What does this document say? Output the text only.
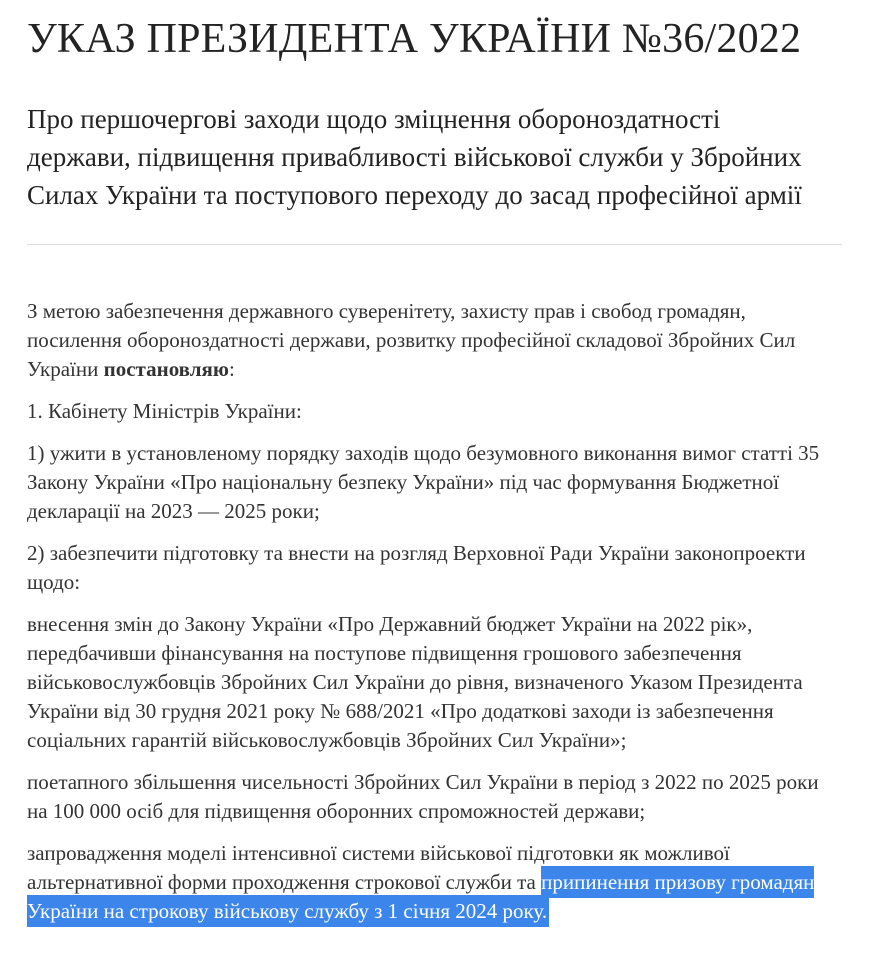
УКАЗ ПРЕЗИДЕНТА УКРАЇНИ №36/2022
Про першочергові заходи щодо зміцнення обороноздатності держави, підвищення привабливості військової служби у Збройних Силах України та поступового переходу до засад професійної армії

З метою забезпечення державного суверенітету, захисту прав і свобод громадян, посилення обороноздатності держави, розвитку професійної складової Збройних Сил України постановляю:

1. Кабінету Міністрів України:

1) ужити в установленому порядку заходів щодо безумовного виконання вимог статті 35 Закону України «Про національну безпеку України» під час формування Бюджетної декларації на 2023 — 2025 роки;

2) забезпечити підготовку та внести на розгляд Верховної Ради України законопроекти щодо:

внесення змін до Закону України «Про Державний бюджет України на 2022 рік», передбачивши фінансування на поступове підвищення грошового забезпечення військовослужбовців Збройних Сил України до рівня, визначеного Указом Президента України від 30 грудня 2021 року № 688/2021 «Про додаткові заходи із забезпечення соціальних гарантій військовослужбовців Збройних Сил України»;

поетапного збільшення чисельності Збройних Сил України в період з 2022 по 2025 роки на 100 000 осіб для підвищення оборонних спроможностей держави;

запровадження моделі інтенсивної системи військової підготовки як можливої альтернативної форми проходження строкової служби та припинення призову громадян України на строкову військову службу з 1 січня 2024 року.
